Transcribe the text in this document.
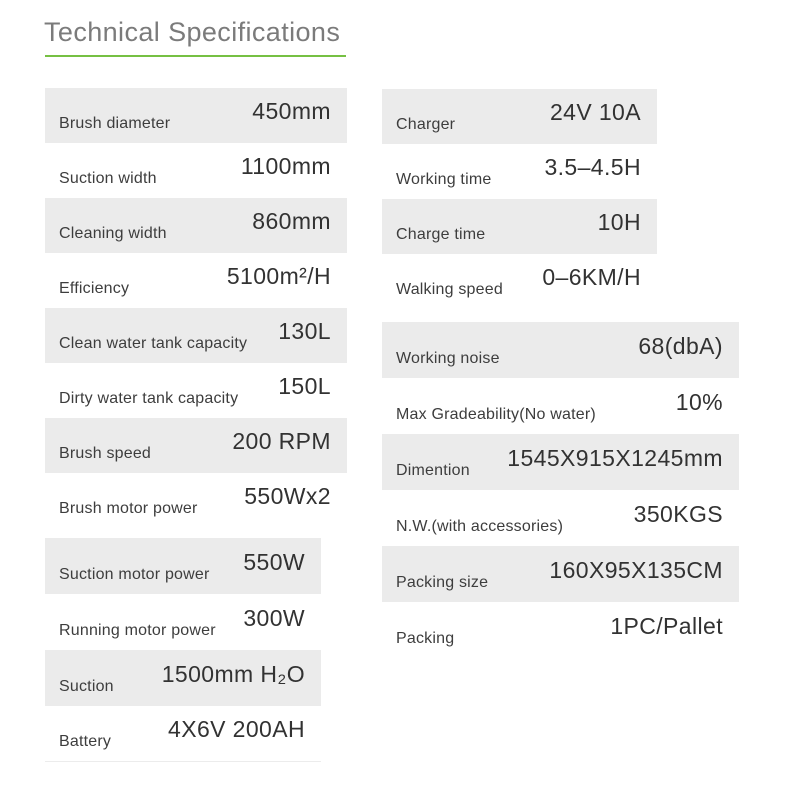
Technical Specifications
Brush diameter	450mm
Suction width	1100mm
Cleaning width	860mm
Efficiency	5100m²/H
Clean water tank capacity 130L
Dirty water tank capacity 150L
Brush speed	200 RPM
Brush motor power 550Wx2
Suction motor power 550W
Running motor power 300W
Suction 1500mm H₂O
Battery 4X6V 200AH
Charger	24V 10A
Working time 3.5–4.5H
Charge time	10H
Walking speed 0–6KM/H
Working noise	68(dbA)
Max Gradeability(No water)	10%
Dimention 1545X915X1245mm
N.W.(with accessories)	350KGS
Packing size	160X95X135CM
Packing	1PC/Pallet
